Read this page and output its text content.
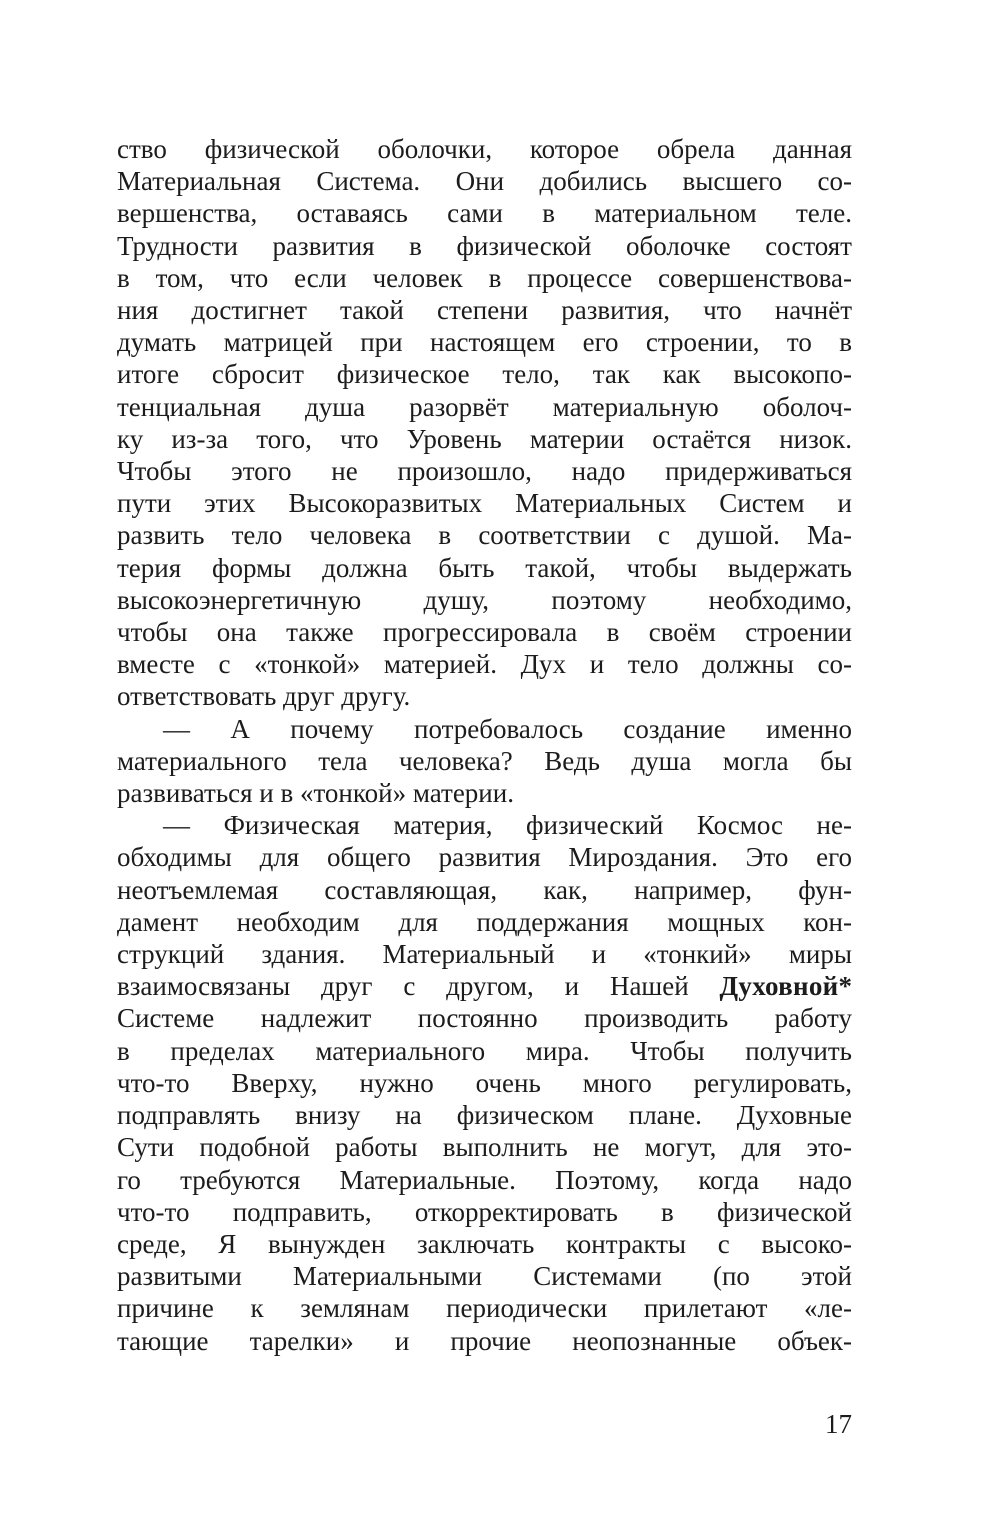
ство физической оболочки, которое обрела данная
Материальная Система. Они добились высшего со-
вершенства, оставаясь сами в материальном теле.
Трудности развития в физической оболочке состоят
в том, что если человек в процессе совершенствова-
ния достигнет такой степени развития, что начнёт
думать матрицей при настоящем его строении, то в
итоге сбросит физическое тело, так как высокопо-
тенциальная душа разорвёт материальную оболоч-
ку из-за того, что Уровень материи остаётся низок.
Чтобы этого не произошло, надо придерживаться
пути этих Высокоразвитых Материальных Систем и
развить тело человека в соответствии с душой. Ма-
терия формы должна быть такой, чтобы выдержать
высокоэнергетичную душу, поэтому необходимо,
чтобы она также прогрессировала в своём строении
вместе с «тонкой» материей. Дух и тело должны со-
ответствовать друг другу.
— А почему потребовалось создание именно
материального тела человека? Ведь душа могла бы
развиваться и в «тонкой» материи.
— Физическая материя, физический Космос не-
обходимы для общего развития Мироздания. Это его
неотъемлемая составляющая, как, например, фун-
дамент необходим для поддержания мощных кон-
струкций здания. Материальный и «тонкий» миры
взаимосвязаны друг с другом, и Нашей Духовной*
Системе надлежит постоянно производить работу
в пределах материального мира. Чтобы получить
что-то Вверху, нужно очень много регулировать,
подправлять внизу на физическом плане. Духовные
Сути подобной работы выполнить не могут, для это-
го требуются Материальные. Поэтому, когда надо
что-то подправить, откорректировать в физической
среде, Я вынужден заключать контракты с высоко-
развитыми Материальными Системами (по этой
причине к землянам периодически прилетают «ле-
тающие тарелки» и прочие неопознанные объек-
17
